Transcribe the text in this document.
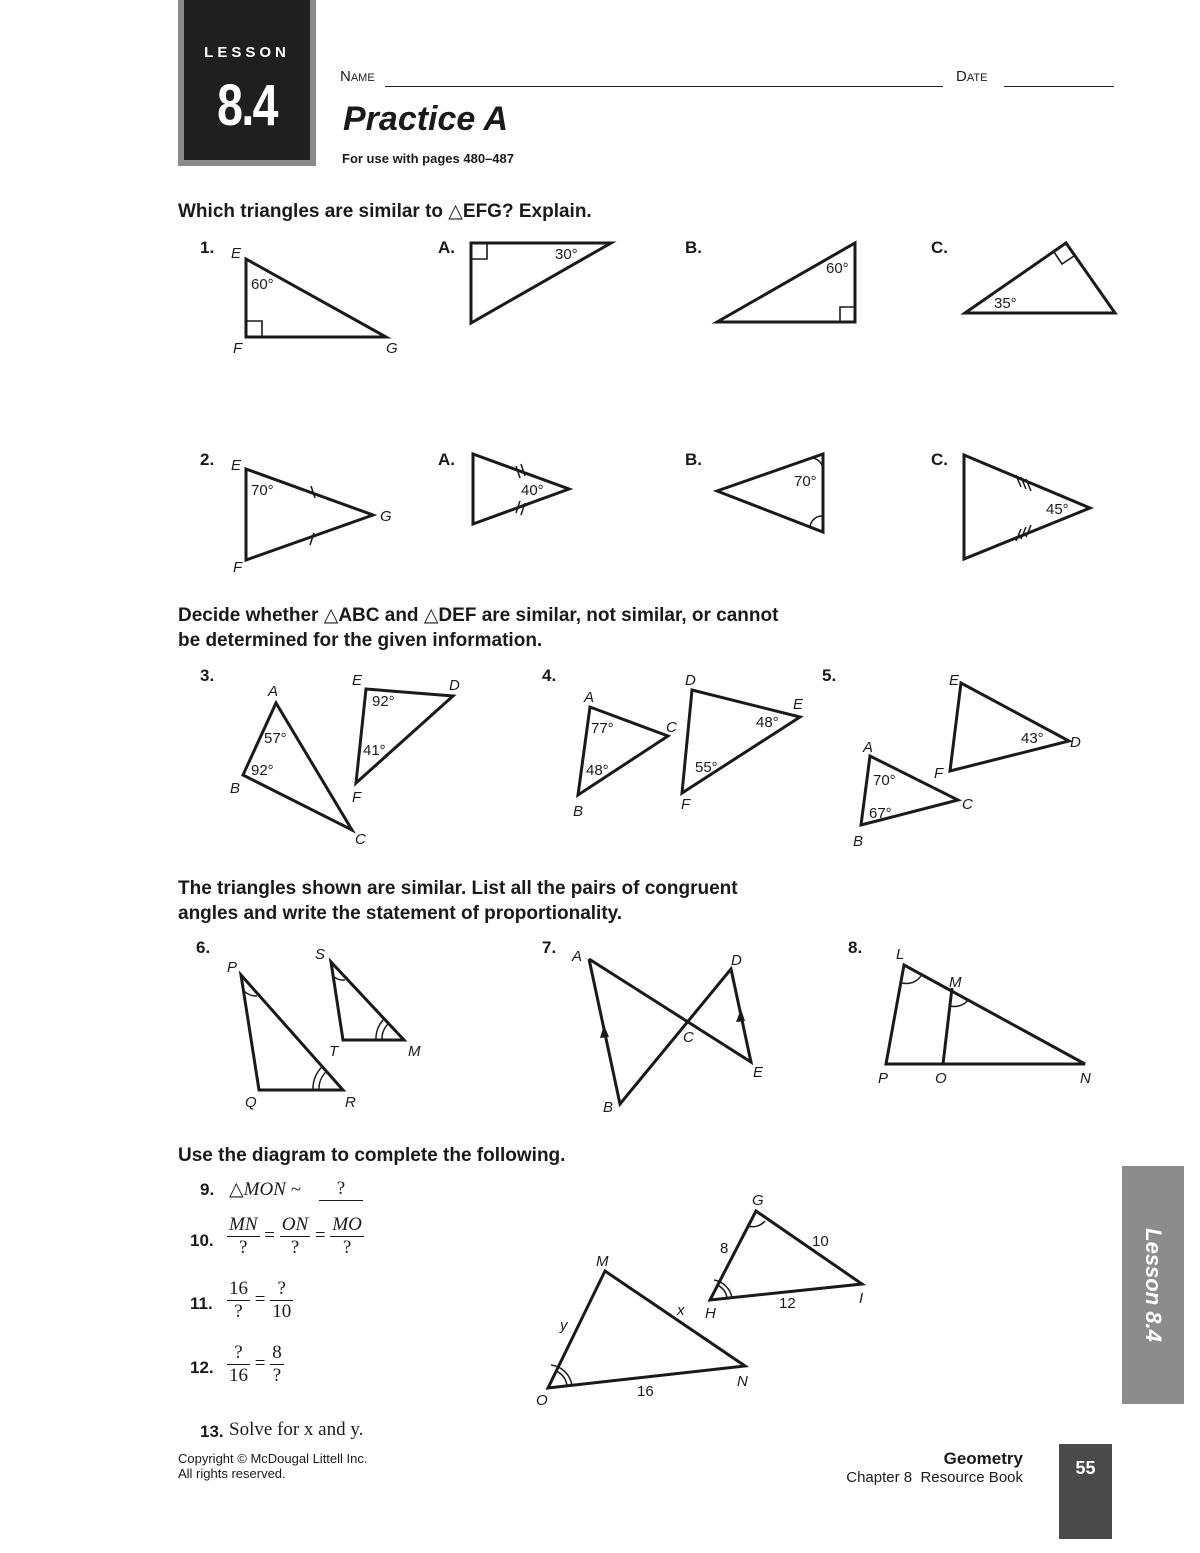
LESSON
8.4	Name	Date
Practice A
For use with pages 480–487
Which triangles are similar to △EFG? Explain.
1.	A.	B.	C.
2.	A.	B.	C.
Decide whether △ABC and △DEF are similar, not similar, or cannot
be determined for the given information.
3.	4.	5.
The triangles shown are similar. List all the pairs of congruent
angles and write the statement of proportionality.
6.	7.	8.
Use the diagram to complete the following.
9. △MON ~	?
10. $\frac{MN}{?} = \frac{ON}{?} = \frac{MO}{?}$
11. $\frac{16}{?} = \frac{?}{10}$
12. $\frac{?}{16} = \frac{8}{?}$
13. Solve for x and y.
E
F	G
60°
30°
60°
35°
E
F
G
70°	40°
70°
45°
A
B
C
E	D
F
57°
92°
92°
41°
A
B
C
D
E
F
77°
48°
48°
55°
E
D
F
A
B
C
43°
70°
67°
P
Q	R
S
T	M
A
B
C
D
E
L
M
P	O	N
M
O
N
G
H
I
y
x
16
8	10
12	Lesson 8.4
Copyright © McDougal Littell Inc.
All rights reserved.
Geometry
Chapter 8  Resource Book	55
